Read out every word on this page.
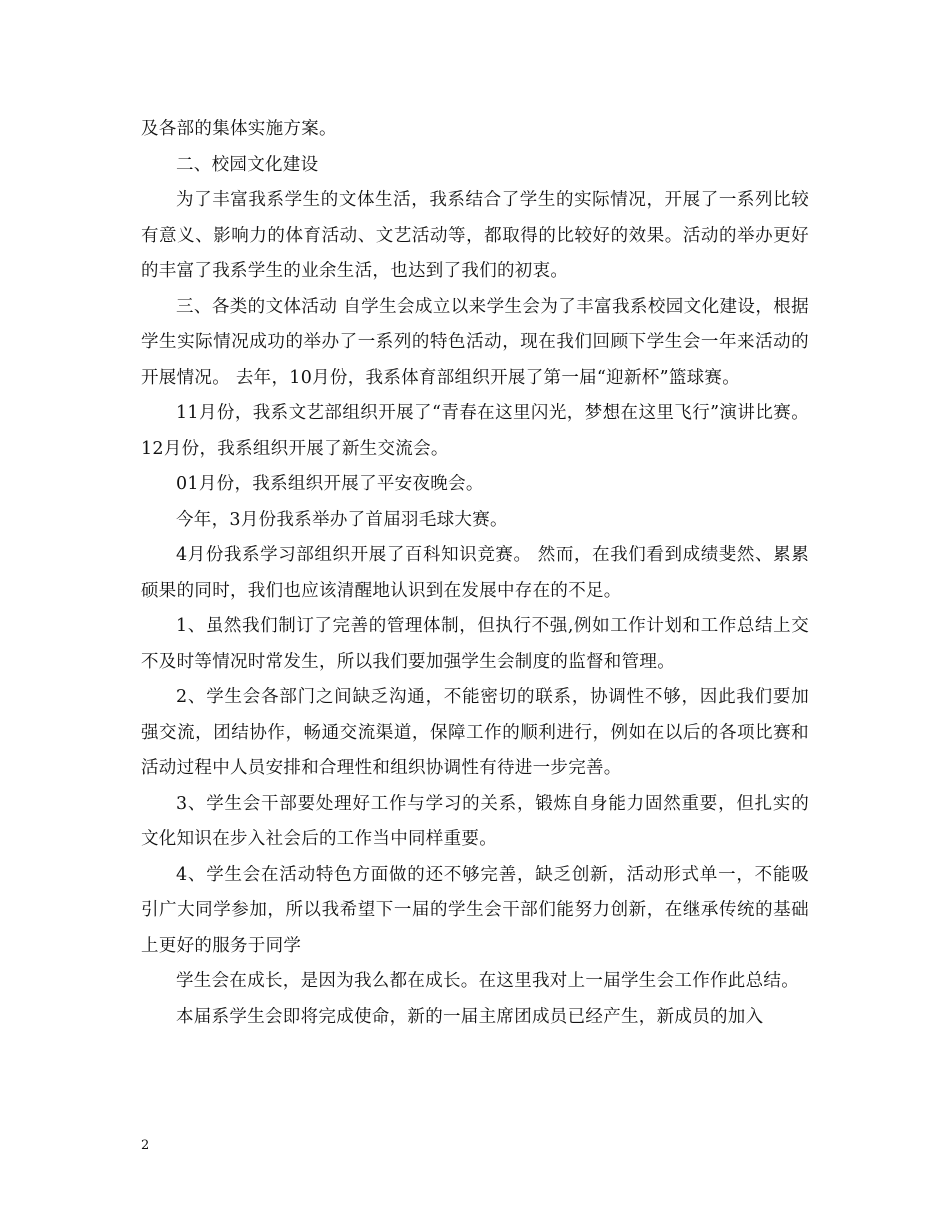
及各部的集体实施方案。

二、校园文化建设

为了丰富我系学生的文体生活，我系结合了学生的实际情况，开展了一系列比较有意义、影响力的体育活动、文艺活动等，都取得的比较好的效果。活动的举办更好的丰富了我系学生的业余生活，也达到了我们的初衷。

三、各类的文体活动 自学生会成立以来学生会为了丰富我系校园文化建设，根据学生实际情况成功的举办了一系列的特色活动，现在我们回顾下学生会一年来活动的开展情况。 去年，10月份，我系体育部组织开展了第一届“迎新杯”篮球赛。

11月份，我系文艺部组织开展了“青春在这里闪光，梦想在这里飞行”演讲比赛。 12月份，我系组织开展了新生交流会。

01月份，我系组织开展了平安夜晚会。

今年，3月份我系举办了首届羽毛球大赛。

4月份我系学习部组织开展了百科知识竞赛。 然而，在我们看到成绩斐然、累累硕果的同时，我们也应该清醒地认识到在发展中存在的不足。

1、虽然我们制订了完善的管理体制，但执行不强,例如工作计划和工作总结上交不及时等情况时常发生，所以我们要加强学生会制度的监督和管理。

2、学生会各部门之间缺乏沟通，不能密切的联系，协调性不够，因此我们要加强交流，团结协作，畅通交流渠道，保障工作的顺利进行，例如在以后的各项比赛和活动过程中人员安排和合理性和组织协调性有待进一步完善。

3、学生会干部要处理好工作与学习的关系，锻炼自身能力固然重要，但扎实的文化知识在步入社会后的工作当中同样重要。

4、学生会在活动特色方面做的还不够完善，缺乏创新，活动形式单一，不能吸引广大同学参加，所以我希望下一届的学生会干部们能努力创新，在继承传统的基础上更好的服务于同学

学生会在成长，是因为我么都在成长。在这里我对上一届学生会工作作此总结。

本届系学生会即将完成使命，新的一届主席团成员已经产生，新成员的加入

2
